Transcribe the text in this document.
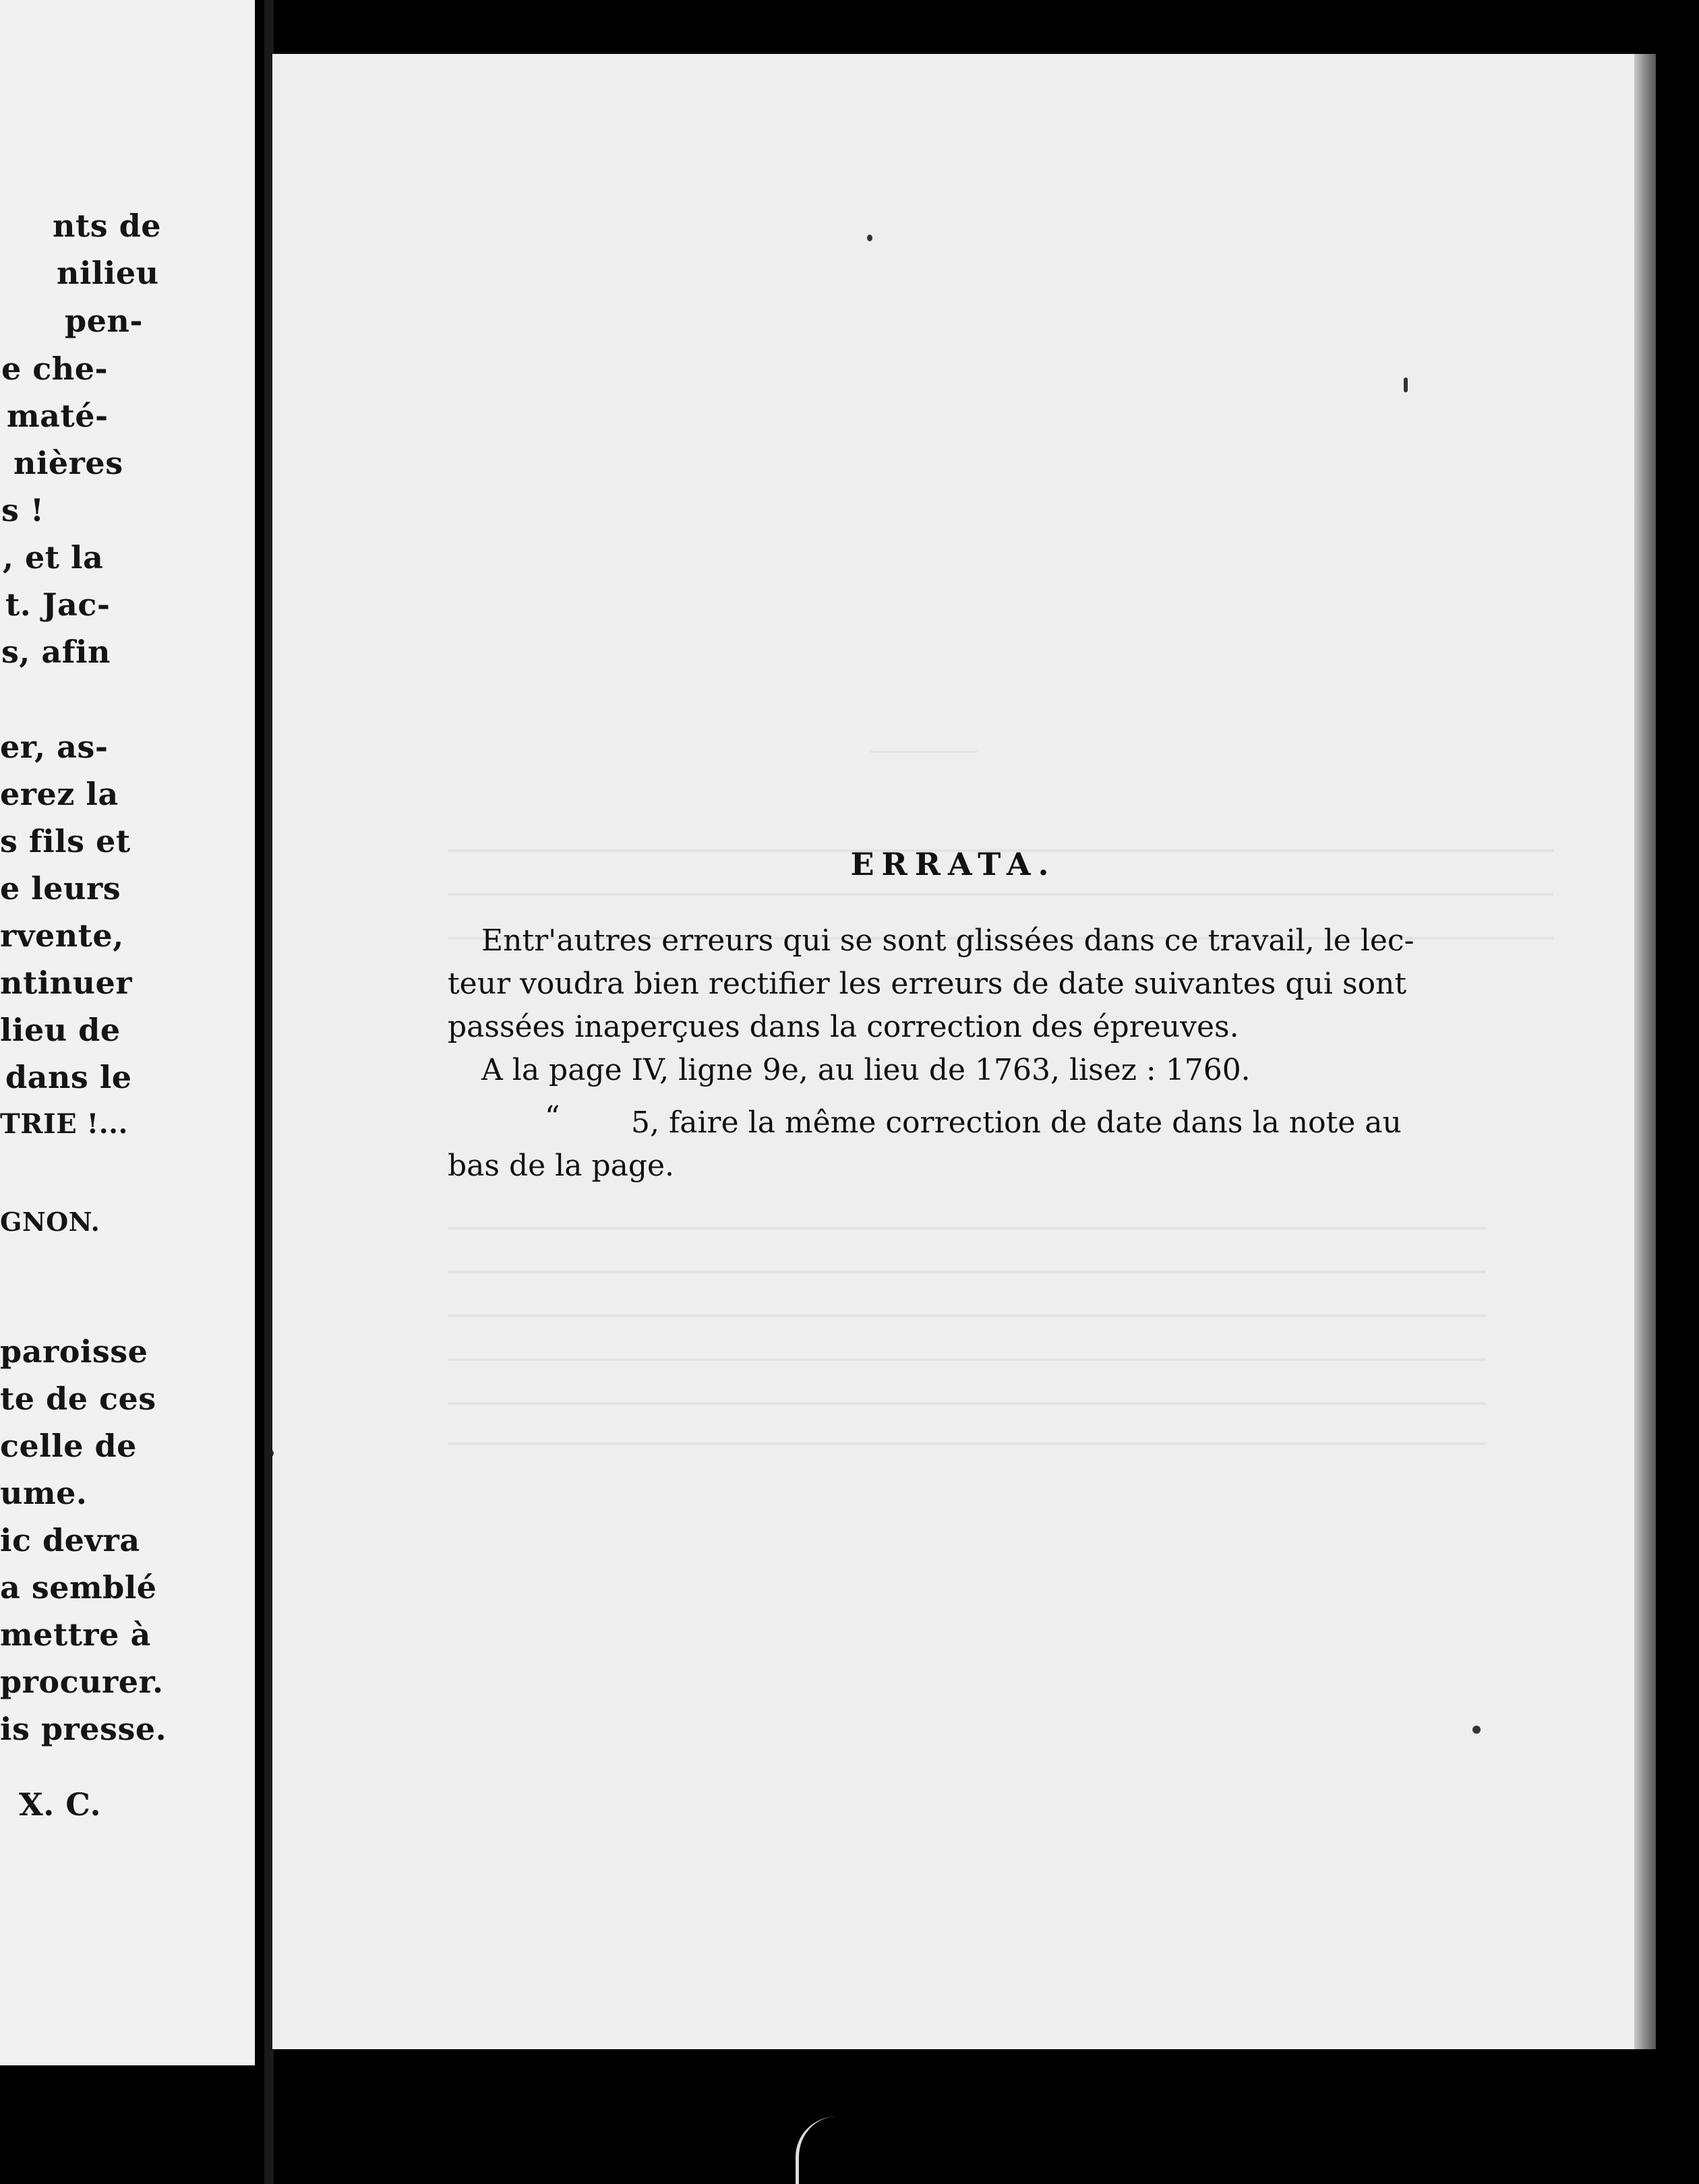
nts de
nilieu
pen-
e che-
maté-
nières
s !
, et la
t. Jac-
s, afin
er, as-
erez la
s fils et
e leurs
rvente,
ntinuer
lieu de
dans le
TRIE !...
GNON.
paroisse
te de ces
celle de
ume.
ic devra
a semblé
mettre à
procurer.
is presse.
X. C.
ERRATA.
Entr'autres erreurs qui se sont glissées dans ce travail, le lec-
teur voudra bien rectifier les erreurs de date suivantes qui sont
passées inaperçues dans la correction des épreuves.
A la page IV, ligne 9e, au lieu de 1763, lisez : 1760.
“ 5, faire la même correction de date dans la note au
bas de la page.
